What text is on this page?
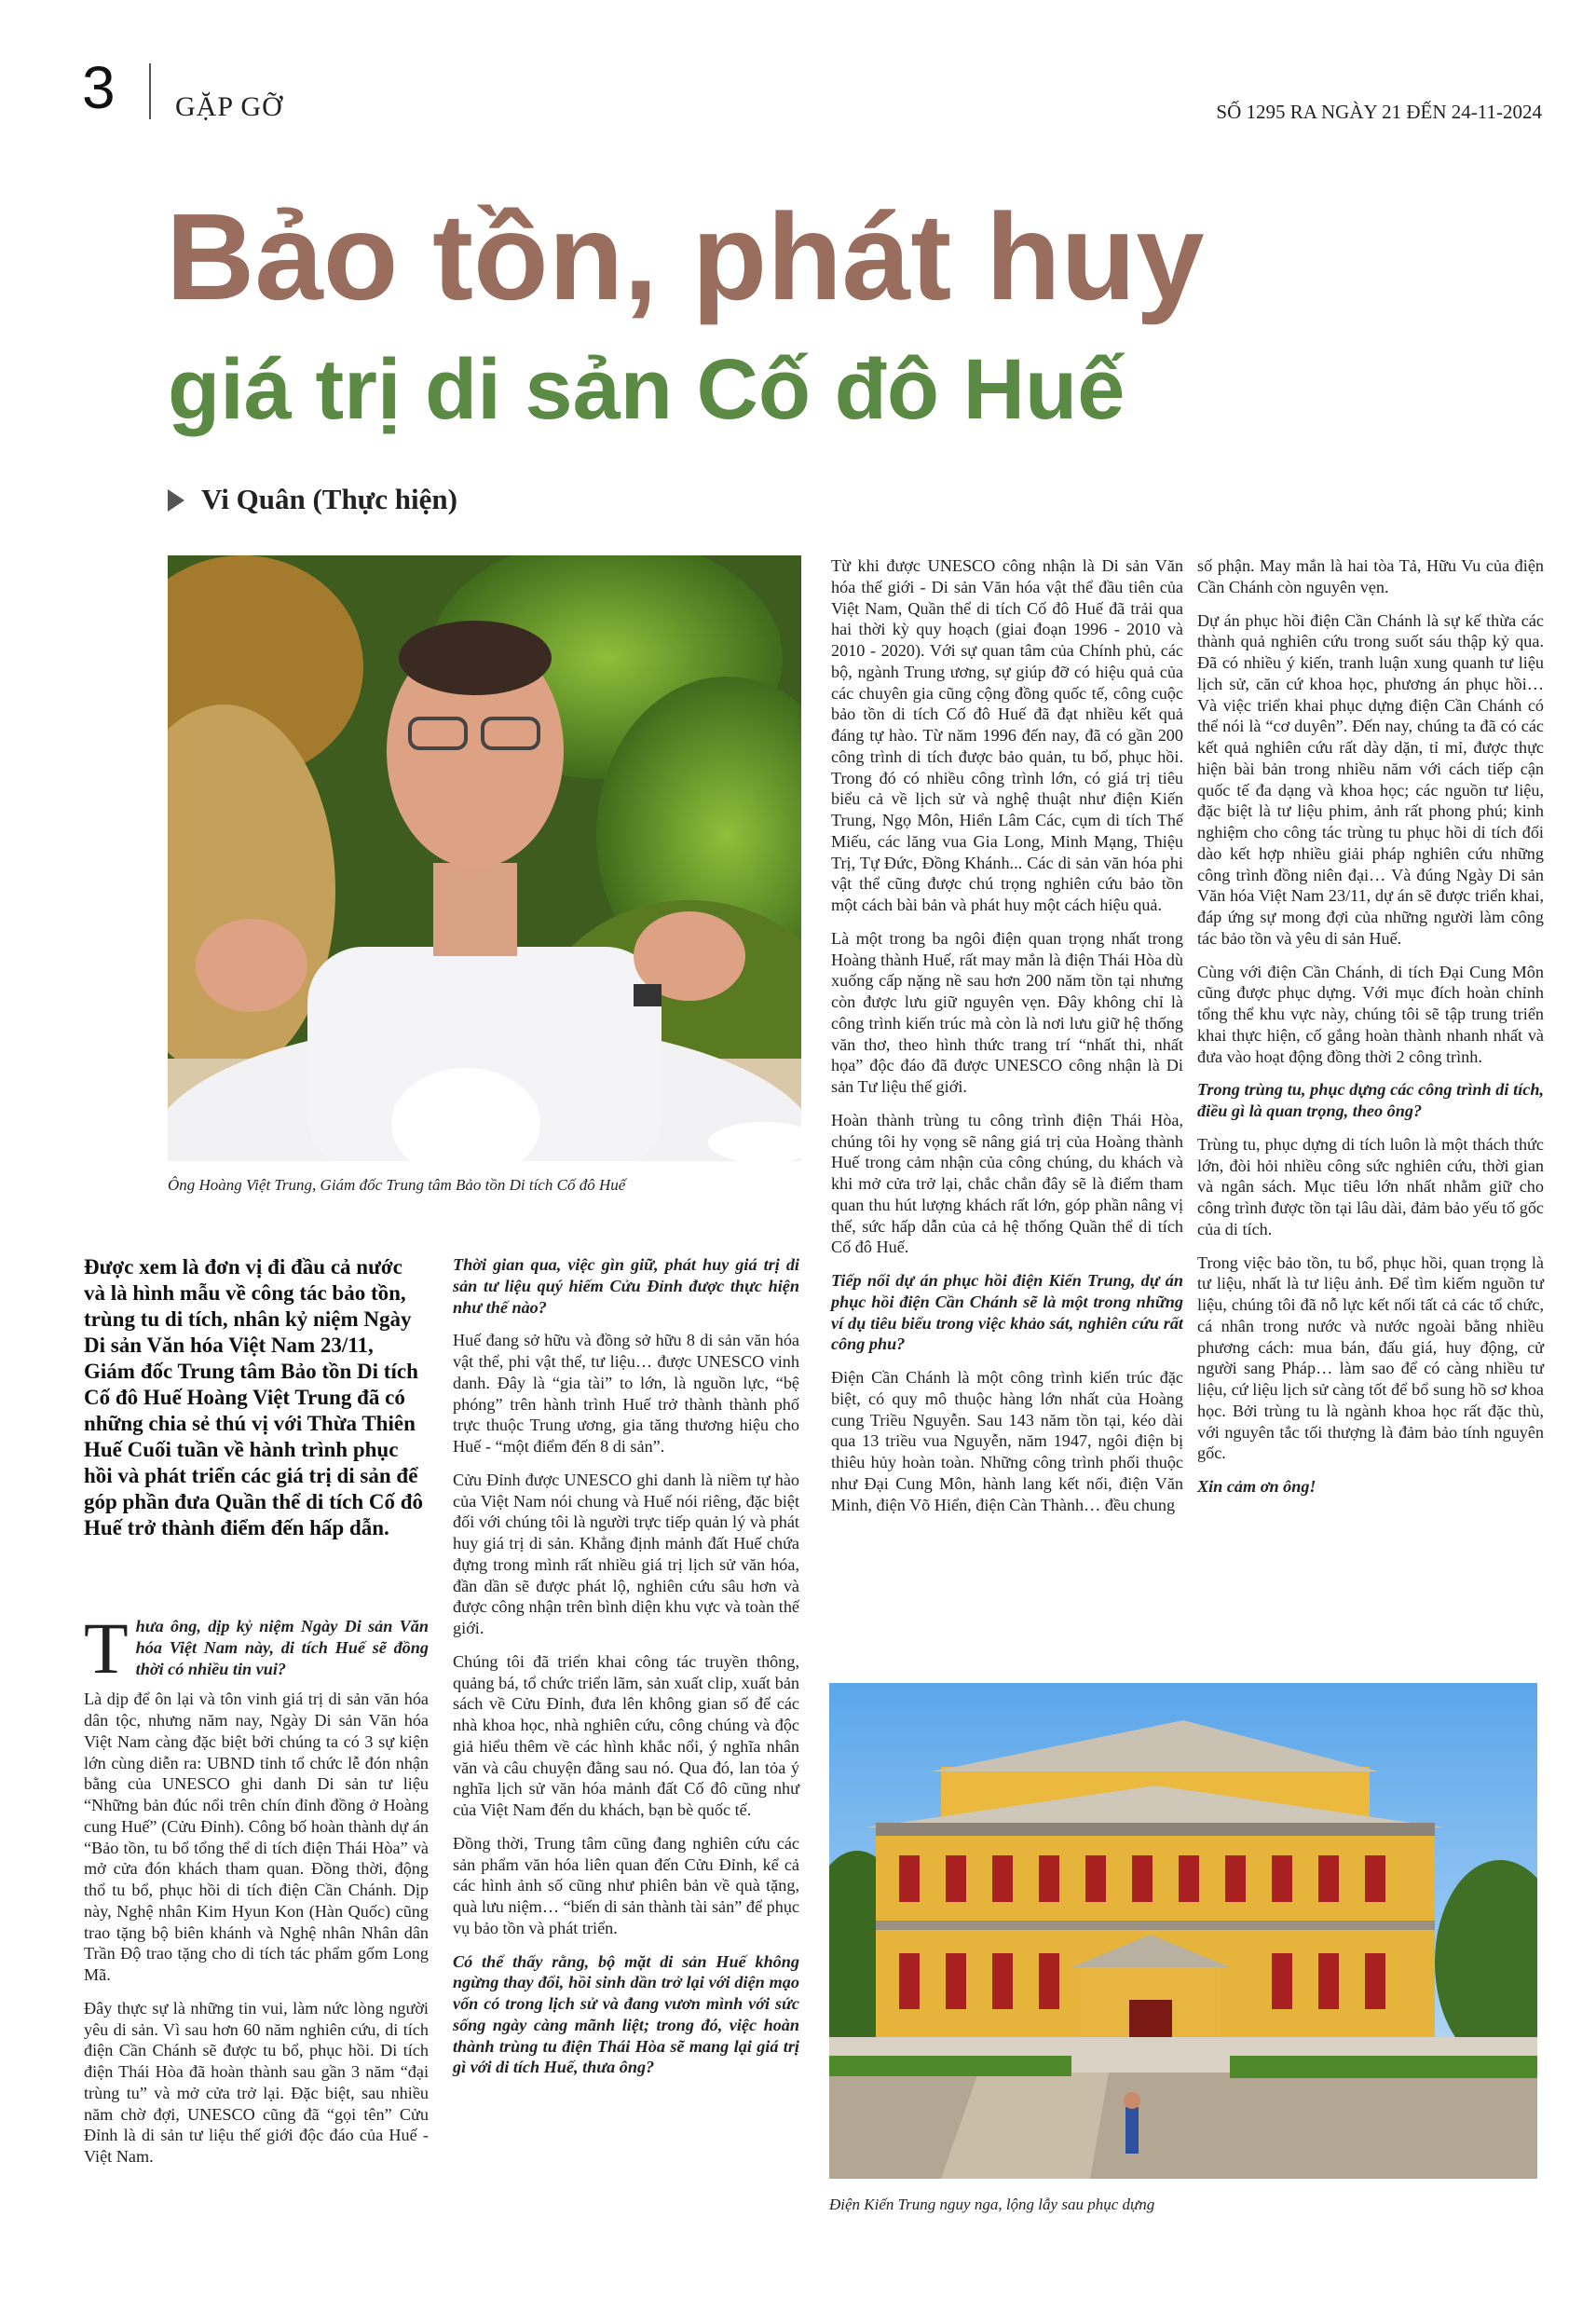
3 GẶP GỠ	SỐ 1295 RA NGÀY 21 ĐẾN 24-11-2024
Bảo tồn, phát huy
giá trị di sản Cố đô Huế
Vi Quân (Thực hiện)
Ông Hoàng Việt Trung, Giám đốc Trung tâm Bảo tồn Di tích Cố đô Huế
Được xem là đơn vị đi đầu cả nước và là hình mẫu về công tác bảo tồn, trùng tu di tích, nhân kỷ niệm Ngày Di sản Văn hóa Việt Nam 23/11, Giám đốc Trung tâm Bảo tồn Di tích Cố đô Huế Hoàng Việt Trung đã có những chia sẻ thú vị với Thừa Thiên Huế Cuối tuần về hành trình phục hồi và phát triển các giá trị di sản để góp phần đưa Quần thể di tích Cố đô Huế trở thành điểm đến hấp dẫn.
T hưa ông, dịp kỷ niệm Ngày Di sản Văn hóa Việt Nam này, di tích Huế sẽ đồng thời có nhiều tin vui?

Là dịp để ôn lại và tôn vinh giá trị di sản văn hóa dân tộc, nhưng năm nay, Ngày Di sản Văn hóa Việt Nam càng đặc biệt bởi chúng ta có 3 sự kiện lớn cùng diễn ra: UBND tỉnh tổ chức lễ đón nhận bằng của UNESCO ghi danh Di sản tư liệu “Những bản đúc nổi trên chín đỉnh đồng ở Hoàng cung Huế” (Cửu Đỉnh). Công bố hoàn thành dự án “Bảo tồn, tu bổ tổng thể di tích điện Thái Hòa” và mở cửa đón khách tham quan. Đồng thời, động thổ tu bổ, phục hồi di tích điện Cần Chánh. Dịp này, Nghệ nhân Kim Hyun Kon (Hàn Quốc) cũng trao tặng bộ biên khánh và Nghệ nhân Nhân dân Trần Độ trao tặng cho di tích tác phẩm gốm Long Mã.

Đây thực sự là những tin vui, làm nức lòng người yêu di sản. Vì sau hơn 60 năm nghiên cứu, di tích điện Cần Chánh sẽ được tu bổ, phục hồi. Di tích điện Thái Hòa đã hoàn thành sau gần 3 năm “đại trùng tu” và mở cửa trở lại. Đặc biệt, sau nhiều năm chờ đợi, UNESCO cũng đã “gọi tên” Cửu Đỉnh là di sản tư liệu thế giới độc đáo của Huế - Việt Nam.

Thời gian qua, việc gìn giữ, phát huy giá trị di sản tư liệu quý hiếm Cửu Đỉnh được thực hiện như thế nào?

Huế đang sở hữu và đồng sở hữu 8 di sản văn hóa vật thể, phi vật thể, tư liệu… được UNESCO vinh danh. Đây là “gia tài” to lớn, là nguồn lực, “bệ phóng” trên hành trình Huế trở thành thành phố trực thuộc Trung ương, gia tăng thương hiệu cho Huế - “một điểm đến 8 di sản”.

Cửu Đỉnh được UNESCO ghi danh là niềm tự hào của Việt Nam nói chung và Huế nói riêng, đặc biệt đối với chúng tôi là người trực tiếp quản lý và phát huy giá trị di sản. Khẳng định mảnh đất Huế chứa đựng trong mình rất nhiều giá trị lịch sử văn hóa, đần dần sẽ được phát lộ, nghiên cứu sâu hơn và được công nhận trên bình diện khu vực và toàn thế giới.

Chúng tôi đã triển khai công tác truyền thông, quảng bá, tổ chức triển lãm, sản xuất clip, xuất bản sách về Cửu Đỉnh, đưa lên không gian số để các nhà khoa học, nhà nghiên cứu, công chúng và độc giả hiểu thêm về các hình khắc nổi, ý nghĩa nhân văn và câu chuyện đằng sau nó. Qua đó, lan tỏa ý nghĩa lịch sử văn hóa mảnh đất Cố đô cũng như của Việt Nam đến du khách, bạn bè quốc tế.

Đồng thời, Trung tâm cũng đang nghiên cứu các sản phẩm văn hóa liên quan đến Cửu Đỉnh, kể cả các hình ảnh số cũng như phiên bản về quà tặng, quà lưu niệm… “biến di sản thành tài sản” để phục vụ bảo tồn và phát triển.

Có thể thấy rằng, bộ mặt di sản Huế không ngừng thay đổi, hồi sinh dần trở lại với diện mạo vốn có trong lịch sử và đang vươn mình với sức sống ngày càng mãnh liệt; trong đó, việc hoàn thành trùng tu điện Thái Hòa sẽ mang lại giá trị gì với di tích Huế, thưa ông?

Từ khi được UNESCO công nhận là Di sản Văn hóa thế giới - Di sản Văn hóa vật thể đầu tiên của Việt Nam, Quần thể di tích Cố đô Huế đã trải qua hai thời kỳ quy hoạch (giai đoạn 1996 - 2010 và 2010 - 2020). Với sự quan tâm của Chính phủ, các bộ, ngành Trung ương, sự giúp đỡ có hiệu quả của các chuyên gia cũng cộng đồng quốc tế, công cuộc bảo tồn di tích Cố đô Huế đã đạt nhiều kết quả đáng tự hào. Từ năm 1996 đến nay, đã có gần 200 công trình di tích được bảo quản, tu bổ, phục hồi. Trong đó có nhiều công trình lớn, có giá trị tiêu biểu cả về lịch sử và nghệ thuật như điện Kiến Trung, Ngọ Môn, Hiển Lâm Các, cụm di tích Thế Miếu, các lăng vua Gia Long, Minh Mạng, Thiệu Trị, Tự Đức, Đồng Khánh... Các di sản văn hóa phi vật thể cũng được chú trọng nghiên cứu bảo tồn một cách bài bản và phát huy một cách hiệu quả.

Là một trong ba ngôi điện quan trọng nhất trong Hoàng thành Huế, rất may mắn là điện Thái Hòa dù xuống cấp nặng nề sau hơn 200 năm tồn tại nhưng còn được lưu giữ nguyên vẹn. Đây không chỉ là công trình kiến trúc mà còn là nơi lưu giữ hệ thống văn thơ, theo hình thức trang trí “nhất thi, nhất họa” độc đáo đã được UNESCO công nhận là Di sản Tư liệu thế giới.

Hoàn thành trùng tu công trình điện Thái Hòa, chúng tôi hy vọng sẽ nâng giá trị của Hoàng thành Huế trong cảm nhận của công chúng, du khách và khi mở cửa trở lại, chắc chắn đây sẽ là điểm tham quan thu hút lượng khách rất lớn, góp phần nâng vị thế, sức hấp dẫn của cả hệ thống Quần thể di tích Cố đô Huế.

Tiếp nối dự án phục hồi điện Kiến Trung, dự án phục hồi điện Cần Chánh sẽ là một trong những ví dụ tiêu biểu trong việc khảo sát, nghiên cứu rất công phu?

Điện Cần Chánh là một công trình kiến trúc đặc biệt, có quy mô thuộc hàng lớn nhất của Hoàng cung Triều Nguyễn. Sau 143 năm tồn tại, kéo dài qua 13 triều vua Nguyễn, năm 1947, ngôi điện bị thiêu hủy hoàn toàn. Những công trình phối thuộc như Đại Cung Môn, hành lang kết nối, điện Văn Minh, điện Võ Hiển, điện Càn Thành… đều chung

số phận. May mắn là hai tòa Tả, Hữu Vu của điện Cần Chánh còn nguyên vẹn.

Dự án phục hồi điện Cần Chánh là sự kế thừa các thành quả nghiên cứu trong suốt sáu thập kỷ qua. Đã có nhiều ý kiến, tranh luận xung quanh tư liệu lịch sử, căn cứ khoa học, phương án phục hồi… Và việc triển khai phục dựng điện Cần Chánh có thể nói là “cơ duyên”. Đến nay, chúng ta đã có các kết quả nghiên cứu rất dày dặn, tỉ mỉ, được thực hiện bài bản trong nhiều năm với cách tiếp cận quốc tế đa dạng và khoa học; các nguồn tư liệu, đặc biệt là tư liệu phim, ảnh rất phong phú; kinh nghiệm cho công tác trùng tu phục hồi di tích đối dào kết hợp nhiều giải pháp nghiên cứu những công trình đồng niên đại… Và đúng Ngày Di sản Văn hóa Việt Nam 23/11, dự án sẽ được triển khai, đáp ứng sự mong đợi của những người làm công tác bảo tồn và yêu di sản Huế.

Cùng với điện Cần Chánh, di tích Đại Cung Môn cũng được phục dựng. Với mục đích hoàn chỉnh tổng thể khu vực này, chúng tôi sẽ tập trung triển khai thực hiện, cố gắng hoàn thành nhanh nhất và đưa vào hoạt động đồng thời 2 công trình.

Trong trùng tu, phục dựng các công trình di tích, điều gì là quan trọng, theo ông?

Trùng tu, phục dựng di tích luôn là một thách thức lớn, đòi hỏi nhiều công sức nghiên cứu, thời gian và ngân sách. Mục tiêu lớn nhất nhằm giữ cho công trình được tồn tại lâu dài, đảm bảo yếu tố gốc của di tích.

Trong việc bảo tồn, tu bổ, phục hồi, quan trọng là tư liệu, nhất là tư liệu ảnh. Để tìm kiếm nguồn tư liệu, chúng tôi đã nỗ lực kết nối tất cả các tổ chức, cá nhân trong nước và nước ngoài bằng nhiều phương cách: mua bán, đấu giá, huy động, cử người sang Pháp… làm sao để có càng nhiều tư liệu, cứ liệu lịch sử càng tốt để bổ sung hồ sơ khoa học. Bởi trùng tu là ngành khoa học rất đặc thù, với nguyên tắc tối thượng là đảm bảo tính nguyên gốc.

Xin cảm ơn ông!

Điện Kiến Trung nguy nga, lộng lẫy sau phục dựng
